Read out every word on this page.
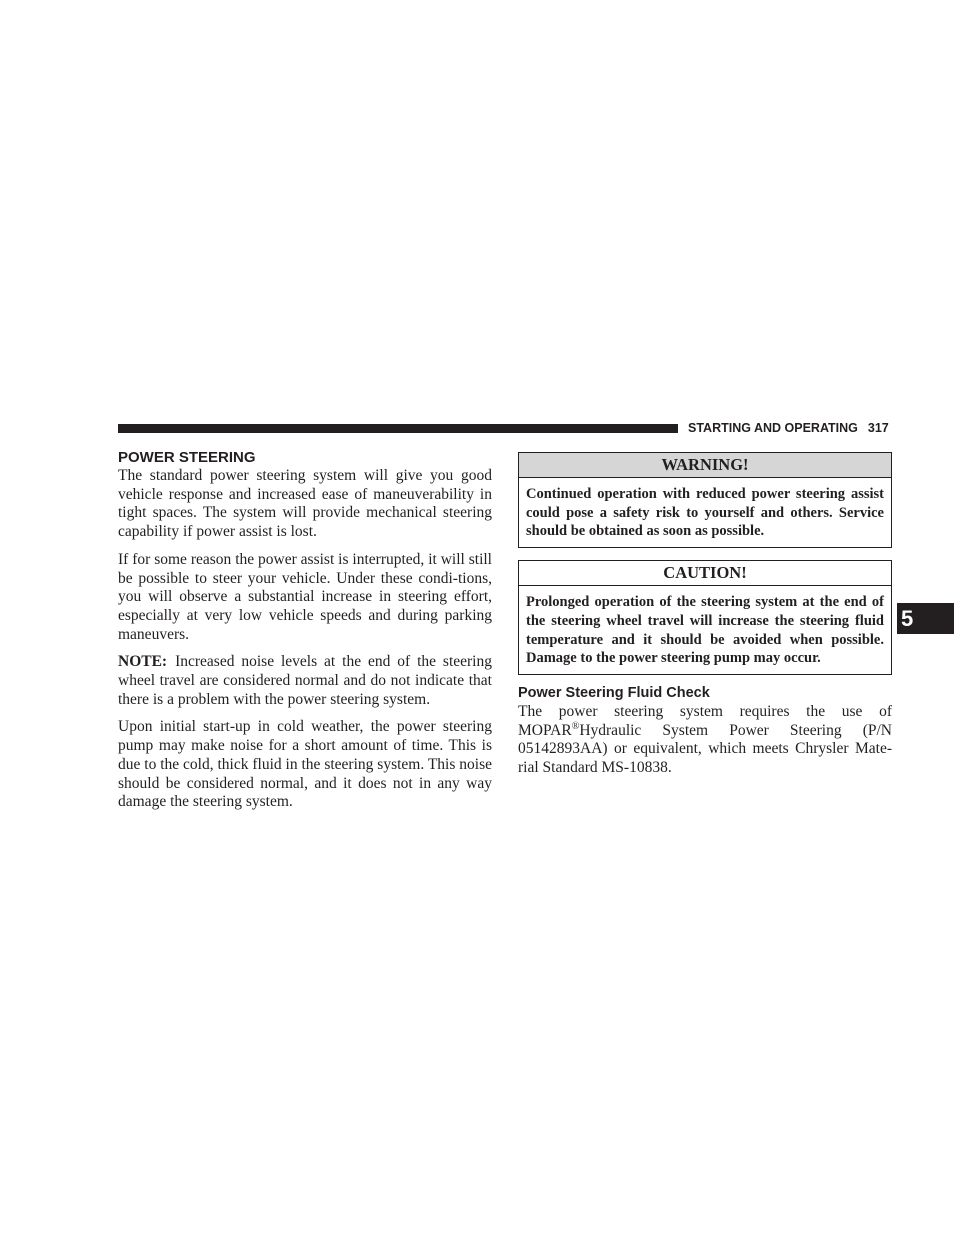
STARTING AND OPERATING 317
5
POWER STEERING

The standard power steering system will give you good vehicle response and increased ease of maneuverability in tight spaces. The system will provide mechanical steering capability if power assist is lost.

If for some reason the power assist is interrupted, it will still be possible to steer your vehicle. Under these condi-tions, you will observe a substantial increase in steering effort, especially at very low vehicle speeds and during parking maneuvers.

NOTE: Increased noise levels at the end of the steering wheel travel are considered normal and do not indicate that there is a problem with the power steering system.

Upon initial start-up in cold weather, the power steering pump may make noise for a short amount of time. This is due to the cold, thick fluid in the steering system. This noise should be considered normal, and it does not in any way damage the steering system.

WARNING!
Continued operation with reduced power steering assist could pose a safety risk to yourself and others. Service should be obtained as soon as possible.
CAUTION!
Prolonged operation of the steering system at the end of the steering wheel travel will increase the steering fluid temperature and it should be avoided when possible. Damage to the power steering pump may occur.
Power Steering Fluid Check

The power steering system requires the use of MOPAR®Hydraulic System Power Steering (P/N 05142893AA) or equivalent, which meets Chrysler Mate-rial Standard MS-10838.
